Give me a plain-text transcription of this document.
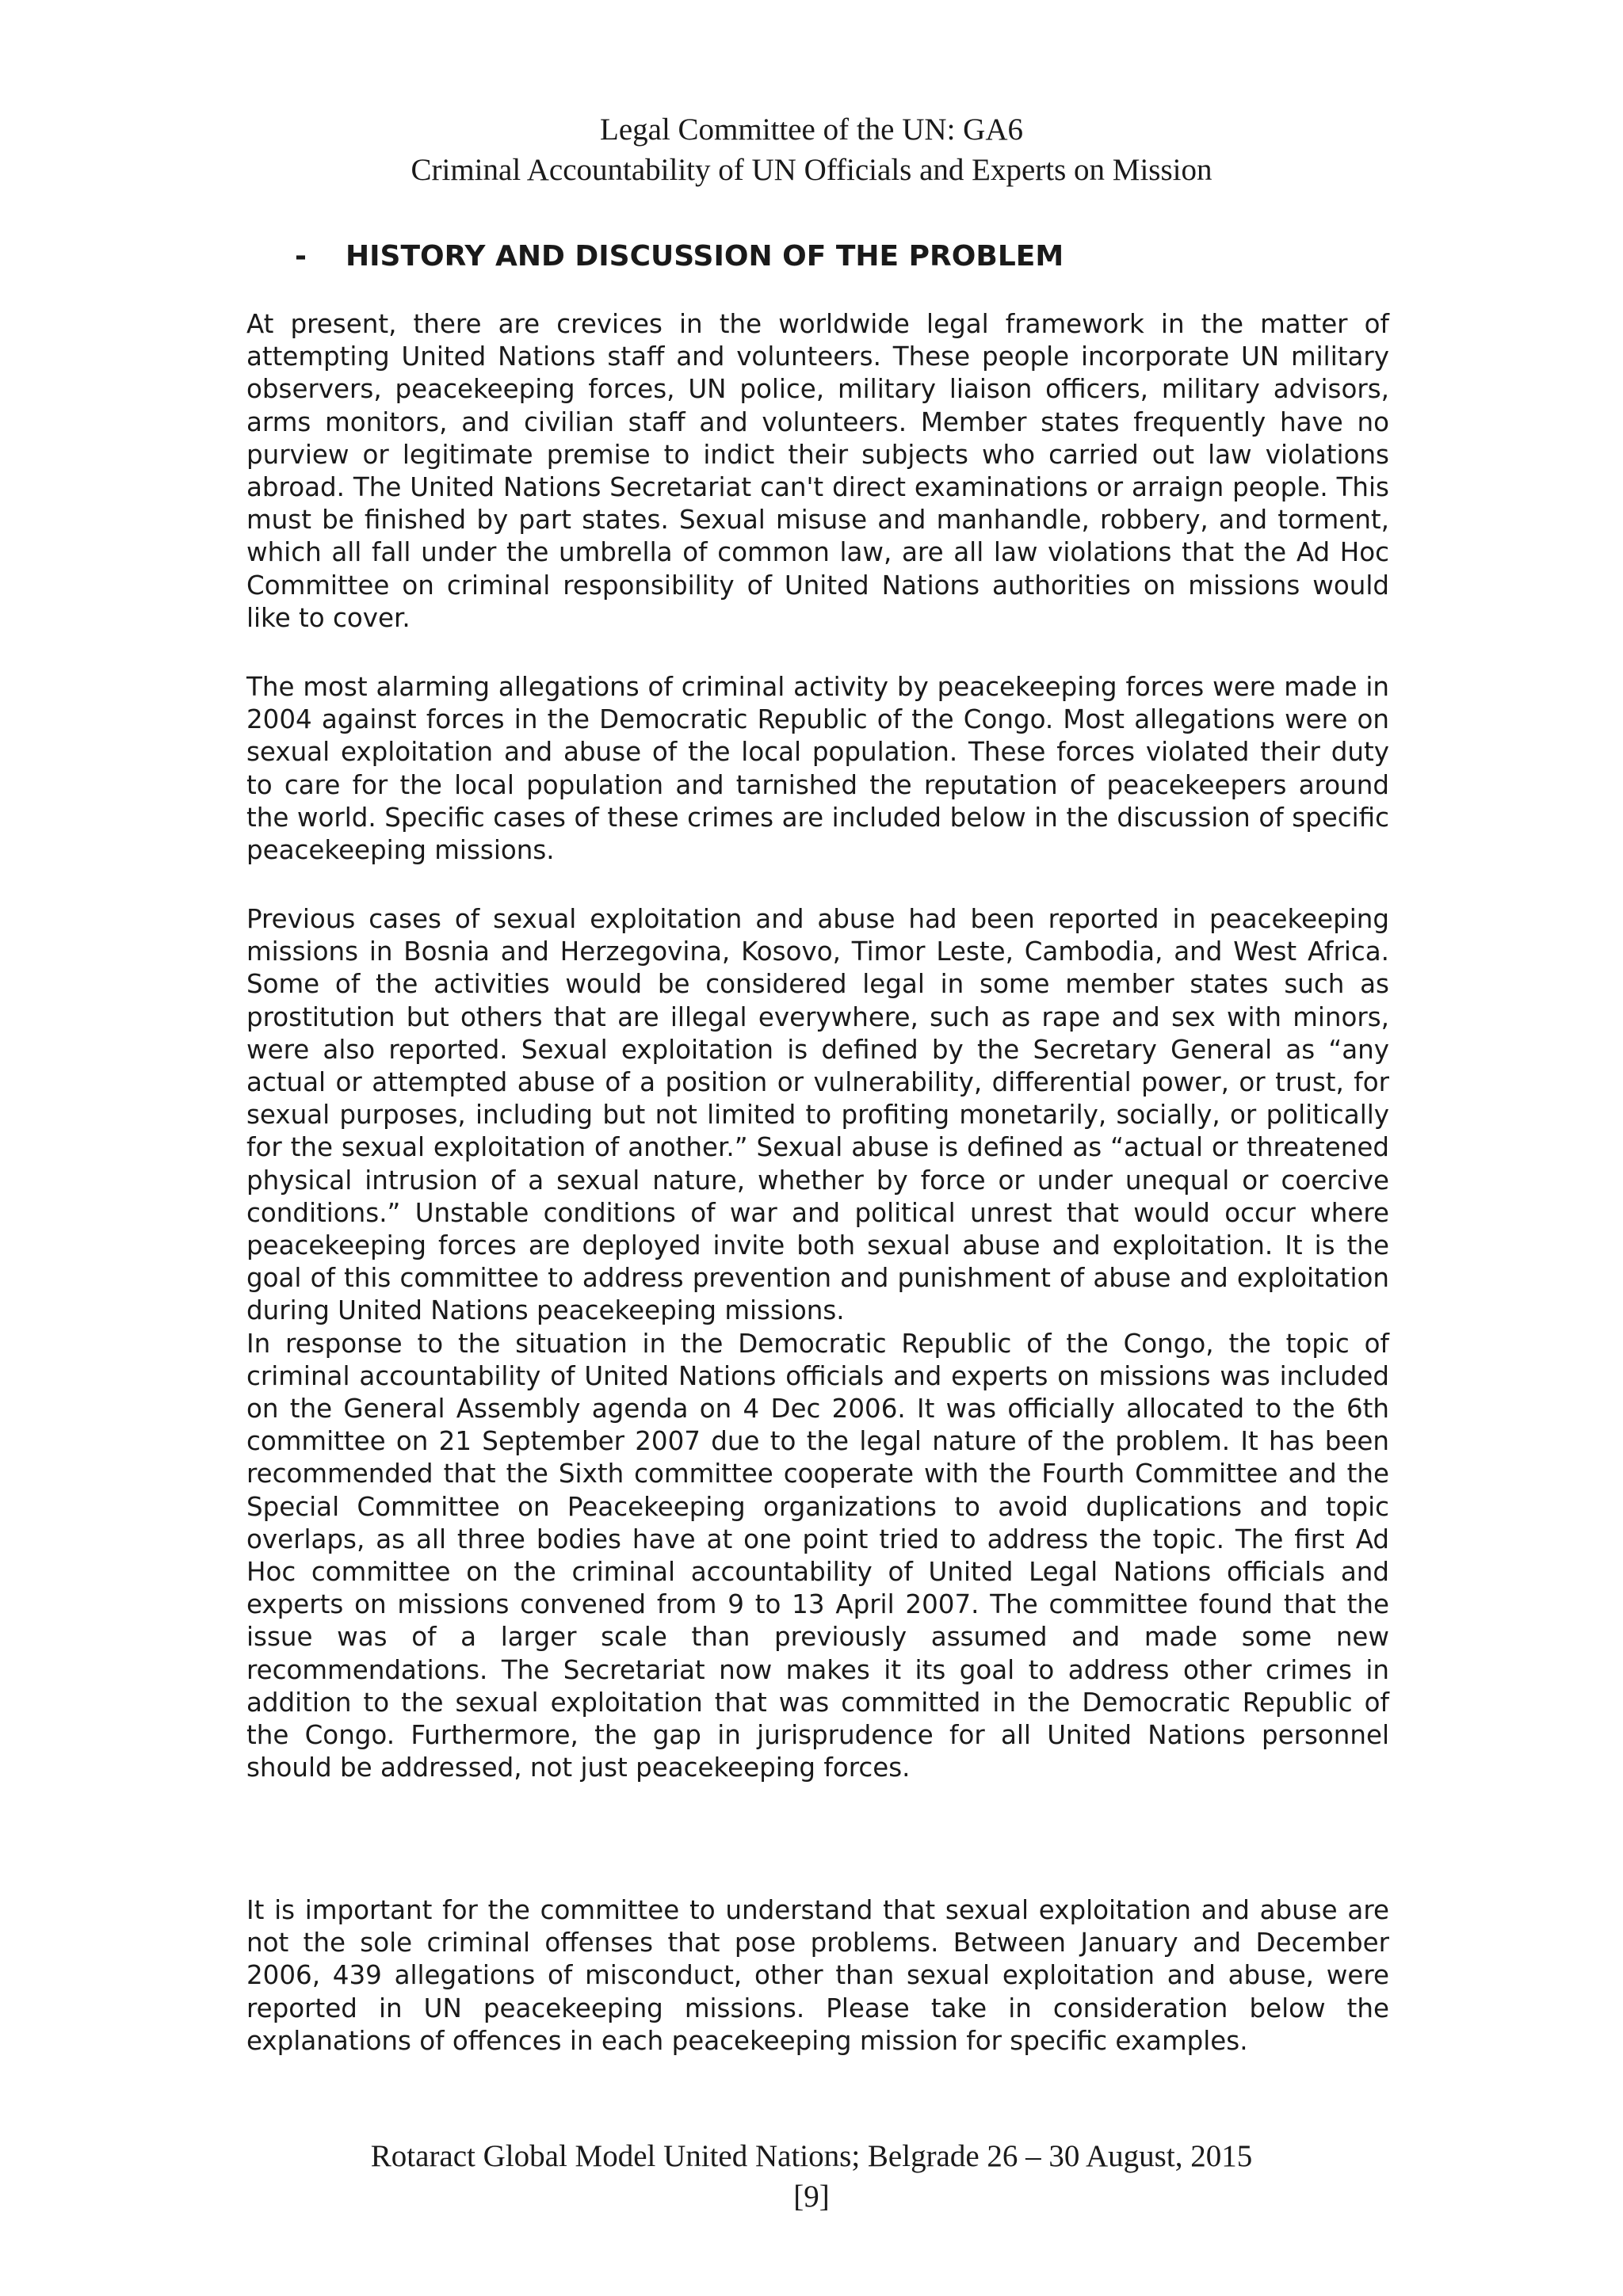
Legal Committee of the UN: GA6
Criminal Accountability of UN Officials and Experts on Mission
- HISTORY AND DISCUSSION OF THE PROBLEM

At present, there are crevices in the worldwide legal framework in the matter of attempting United Nations staff and volunteers. These people incorporate UN military observers, peacekeeping forces, UN police, military liaison officers, military advisors, arms monitors, and civilian staff and volunteers. Member states frequently have no purview or legitimate premise to indict their subjects who carried out law violations abroad. The United Nations Secretariat can't direct examinations or arraign people. This must be finished by part states. Sexual misuse and manhandle, robbery, and torment, which all fall under the umbrella of common law, are all law violations that the Ad Hoc Committee on criminal responsibility of United Nations authorities on missions would like to cover.

The most alarming allegations of criminal activity by peacekeeping forces were made in 2004 against forces in the Democratic Republic of the Congo. Most allegations were on sexual exploitation and abuse of the local population. These forces violated their duty to care for the local population and tarnished the reputation of peacekeepers around the world. Specific cases of these crimes are included below in the discussion of specific peacekeeping missions.

Previous cases of sexual exploitation and abuse had been reported in peacekeeping missions in Bosnia and Herzegovina, Kosovo, Timor Leste, Cambodia, and West Africa. Some of the activities would be considered legal in some member states such as prostitution but others that are illegal everywhere, such as rape and sex with minors, were also reported. Sexual exploitation is defined by the Secretary General as “any actual or attempted abuse of a position or vulnerability, differential power, or trust, for sexual purposes, including but not limited to profiting monetarily, socially, or politically for the sexual exploitation of another.” Sexual abuse is defined as “actual or threatened physical intrusion of a sexual nature, whether by force or under unequal or coercive conditions.” Unstable conditions of war and political unrest that would occur where peacekeeping forces are deployed invite both sexual abuse and exploitation. It is the goal of this committee to address prevention and punishment of abuse and exploitation during United Nations peacekeeping missions.

In response to the situation in the Democratic Republic of the Congo, the topic of criminal accountability of United Nations officials and experts on missions was included on the General Assembly agenda on 4 Dec 2006. It was officially allocated to the 6th committee on 21 September 2007 due to the legal nature of the problem. It has been recommended that the Sixth committee cooperate with the Fourth Committee and the Special Committee on Peacekeeping organizations to avoid duplications and topic overlaps, as all three bodies have at one point tried to address the topic. The first Ad Hoc committee on the criminal accountability of United Legal Nations officials and experts on missions convened from 9 to 13 April 2007. The committee found that the issue was of a larger scale than previously assumed and made some new recommendations. The Secretariat now makes it its goal to address other crimes in addition to the sexual exploitation that was committed in the Democratic Republic of the Congo. Furthermore, the gap in jurisprudence for all United Nations personnel should be addressed, not just peacekeeping forces.

It is important for the committee to understand that sexual exploitation and abuse are not the sole criminal offenses that pose problems. Between January and December 2006, 439 allegations of misconduct, other than sexual exploitation and abuse, were reported in UN peacekeeping missions. Please take in consideration below the explanations of offences in each peacekeeping mission for specific examples.

Rotaract Global Model United Nations; Belgrade 26 – 30 August, 2015
[9]
